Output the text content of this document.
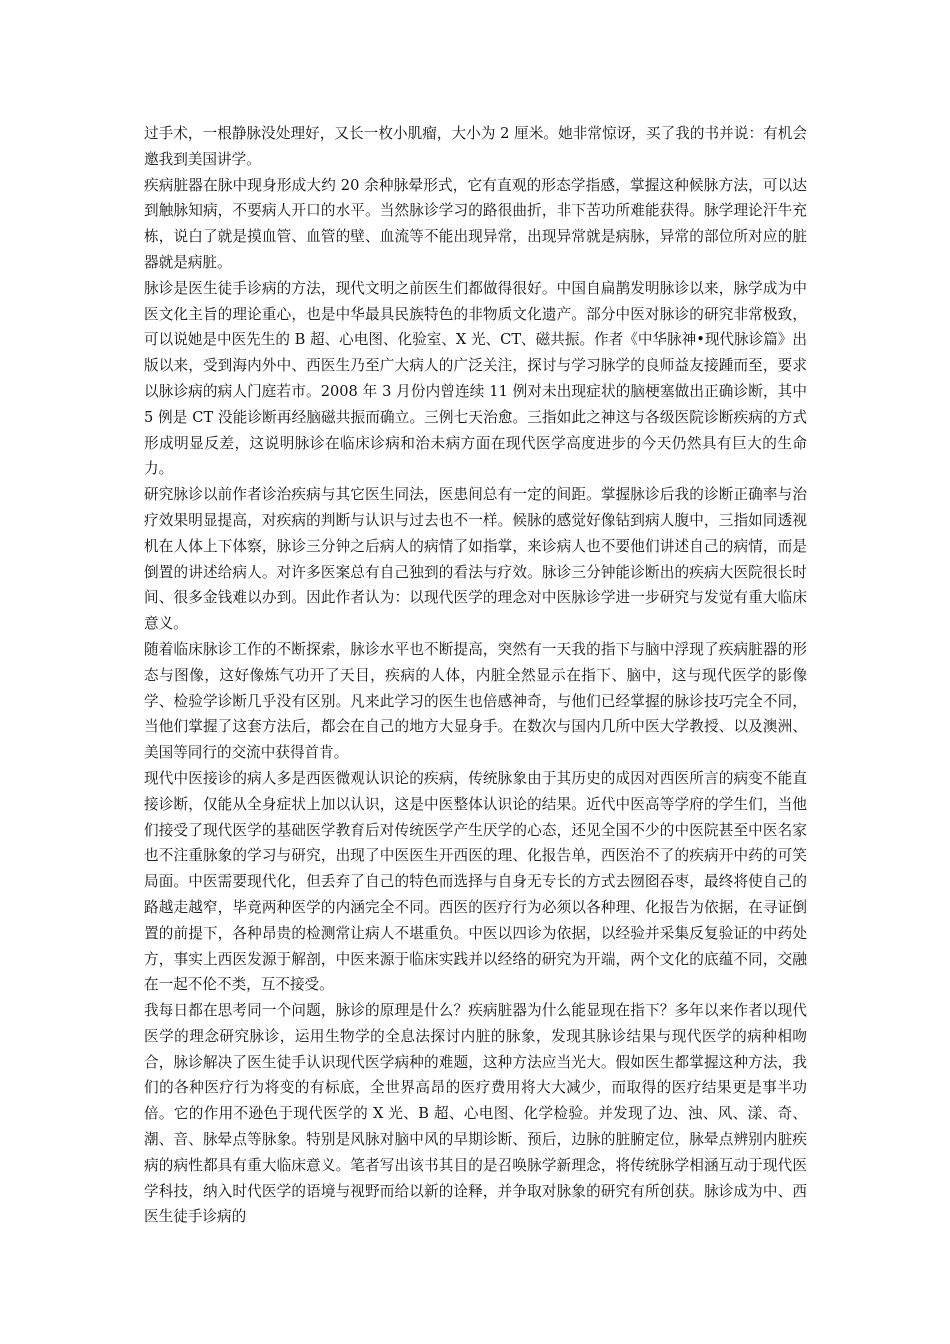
过手术，一根静脉没处理好，又长一枚小肌瘤，大小为 2 厘米。她非常惊讶，买了我的书并说：有机会邀我到美国讲学。

疾病脏器在脉中现身形成大约 20 余种脉晕形式，它有直观的形态学指感，掌握这种候脉方法，可以达到触脉知病，不要病人开口的水平。当然脉诊学习的路很曲折，非下苦功所难能获得。脉学理论汗牛充栋，说白了就是摸血管、血管的壁、血流等不能出现异常，出现异常就是病脉，异常的部位所对应的脏器就是病脏。

脉诊是医生徒手诊病的方法，现代文明之前医生们都做得很好。中国自扁鹊发明脉诊以来，脉学成为中医文化主旨的理论重心，也是中华最具民族特色的非物质文化遗产。部分中医对脉诊的研究非常极致，可以说她是中医先生的 B 超、心电图、化验室、X 光、CT、磁共振。作者《中华脉神•现代脉诊篇》出版以来，受到海内外中、西医生乃至广大病人的广泛关注，探讨与学习脉学的良师益友接踵而至，要求以脉诊病的病人门庭若市。2008 年 3 月份内曾连续 11 例对未出现症状的脑梗塞做出正确诊断，其中 5 例是 CT 没能诊断再经脑磁共振而确立。三例七天治愈。三指如此之神这与各级医院诊断疾病的方式形成明显反差，这说明脉诊在临床诊病和治未病方面在现代医学高度进步的今天仍然具有巨大的生命力。

研究脉诊以前作者诊治疾病与其它医生同法，医患间总有一定的间距。掌握脉诊后我的诊断正确率与治疗效果明显提高，对疾病的判断与认识与过去也不一样。候脉的感觉好像钻到病人腹中，三指如同透视机在人体上下体察，脉诊三分钟之后病人的病情了如指掌，来诊病人也不要他们讲述自己的病情，而是倒置的讲述给病人。对许多医案总有自己独到的看法与疗效。脉诊三分钟能诊断出的疾病大医院很长时间、很多金钱难以办到。因此作者认为：以现代医学的理念对中医脉诊学进一步研究与发觉有重大临床意义。

随着临床脉诊工作的不断探索，脉诊水平也不断提高，突然有一天我的指下与脑中浮现了疾病脏器的形态与图像，这好像炼气功开了天目，疾病的人体，内脏全然显示在指下、脑中，这与现代医学的影像学、检验学诊断几乎没有区别。凡来此学习的医生也倍感神奇，与他们已经掌握的脉诊技巧完全不同，当他们掌握了这套方法后，都会在自己的地方大显身手。在数次与国内几所中医大学教授、以及澳洲、美国等同行的交流中获得首肯。

现代中医接诊的病人多是西医微观认识论的疾病，传统脉象由于其历史的成因对西医所言的病变不能直接诊断，仅能从全身症状上加以认识，这是中医整体认识论的结果。近代中医高等学府的学生们，当他们接受了现代医学的基础医学教育后对传统医学产生厌学的心态，还见全国不少的中医院甚至中医名家也不注重脉象的学习与研究，出现了中医医生开西医的理、化报告单，西医治不了的疾病开中药的可笑局面。中医需要现代化，但丢弃了自己的特色而选择与自身无专长的方式去囫囵吞枣，最终将使自己的路越走越窄，毕竟两种医学的内涵完全不同。西医的医疗行为必须以各种理、化报告为依据，在寻证倒置的前提下，各种昂贵的检测常让病人不堪重负。中医以四诊为依据，以经验并采集反复验证的中药处方，事实上西医发源于解剖，中医来源于临床实践并以经络的研究为开端，两个文化的底蕴不同，交融在一起不伦不类，互不接受。

我每日都在思考同一个问题，脉诊的原理是什么？疾病脏器为什么能显现在指下？多年以来作者以现代医学的理念研究脉诊，运用生物学的全息法探讨内脏的脉象，发现其脉诊结果与现代医学的病种相吻合，脉诊解决了医生徒手认识现代医学病种的难题，这种方法应当光大。假如医生都掌握这种方法，我们的各种医疗行为将变的有标底，全世界高昂的医疗费用将大大减少，而取得的医疗结果更是事半功倍。它的作用不逊色于现代医学的 X 光、B 超、心电图、化学检验。并发现了边、浊、风、漾、奇、潮、音、脉晕点等脉象。特别是风脉对脑中风的早期诊断、预后，边脉的脏腑定位，脉晕点辨别内脏疾病的病性都具有重大临床意义。笔者写出该书其目的是召唤脉学新理念，将传统脉学相涵互动于现代医学科技，纳入时代医学的语境与视野而给以新的诠释，并争取对脉象的研究有所创获。脉诊成为中、西医生徒手诊病的
